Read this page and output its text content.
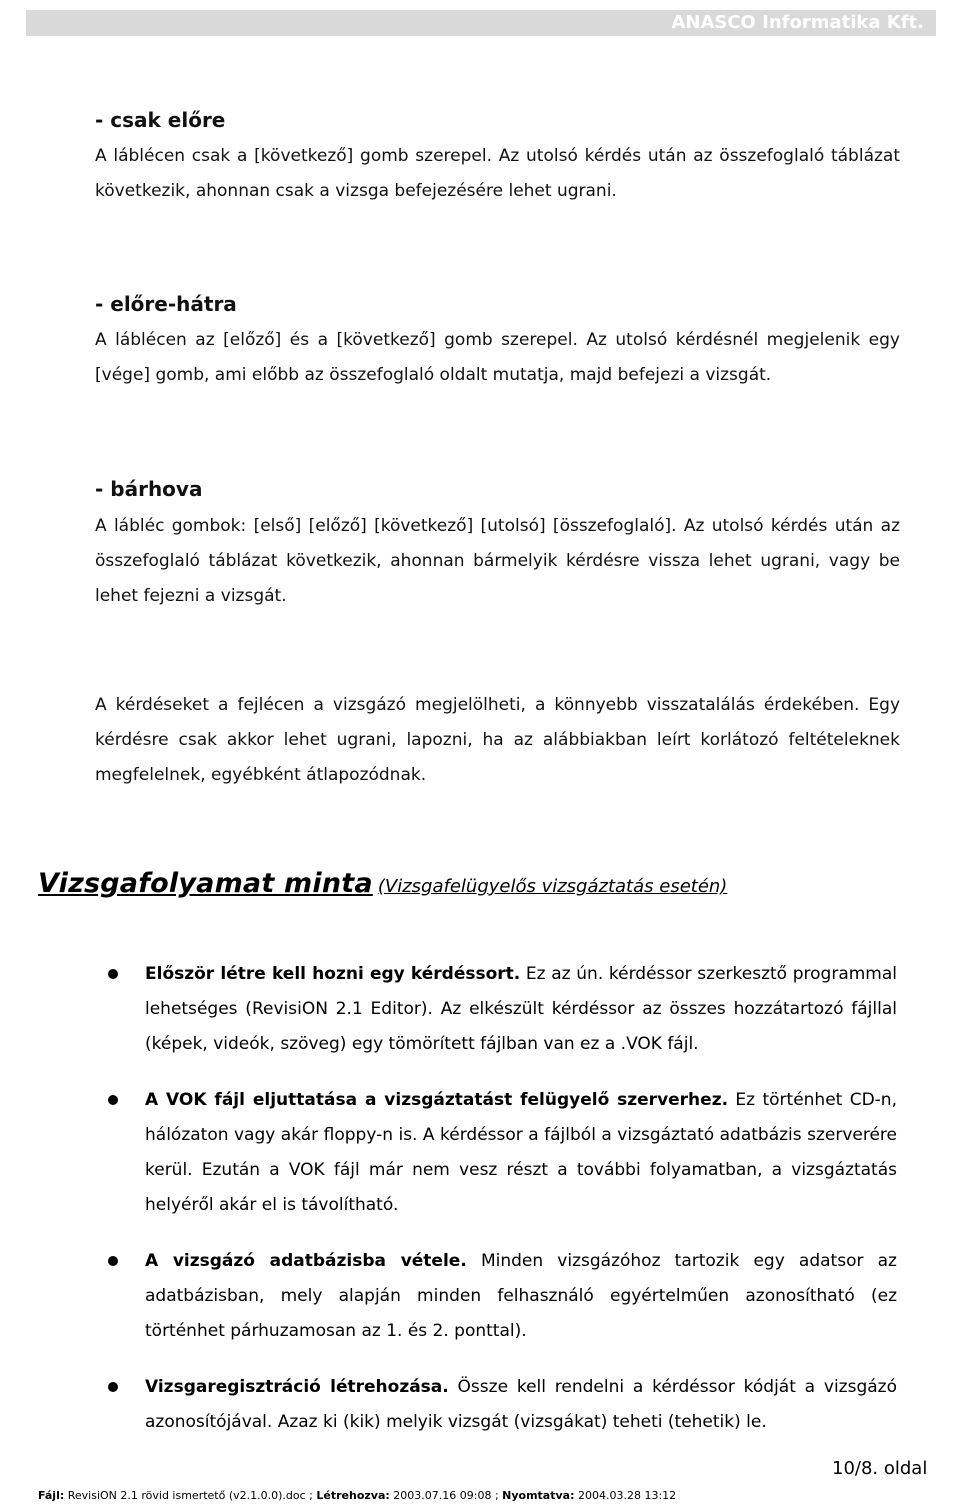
ANASCO Informatika Kft.
- csak előre

A láblécen csak a [következő] gomb szerepel. Az utolsó kérdés után az összefoglaló táblázat következik, ahonnan csak a vizsga befejezésére lehet ugrani.

- előre-hátra

A láblécen az [előző] és a [következő] gomb szerepel. Az utolsó kérdésnél megjelenik egy [vége] gomb, ami előbb az összefoglaló oldalt mutatja, majd befejezi a vizsgát.

- bárhova

A lábléc gombok: [első] [előző] [következő] [utolsó] [összefoglaló]. Az utolsó kérdés után az összefoglaló táblázat következik, ahonnan bármelyik kérdésre vissza lehet ugrani, vagy be lehet fejezni a vizsgát.

A kérdéseket a fejlécen a vizsgázó megjelölheti, a könnyebb visszatalálás érdekében. Egy kérdésre csak akkor lehet ugrani, lapozni, ha az alábbiakban leírt korlátozó feltételeknek megfelelnek, egyébként átlapozódnak.

Vizsgafolyamat minta (Vizsgafelügyelős vizsgáztatás esetén)
Először létre kell hozni egy kérdéssort. Ez az ún. kérdéssor szerkesztő programmal lehetséges (RevisiON 2.1 Editor). Az elkészült kérdéssor az összes hozzátartozó fájllal (képek, videók, szöveg) egy tömörített fájlban van ez a .VOK fájl.
A VOK fájl eljuttatása a vizsgáztatást felügyelő szerverhez. Ez történhet CD-n, hálózaton vagy akár floppy-n is. A kérdéssor a fájlból a vizsgáztató adatbázis szerverére kerül. Ezután a VOK fájl már nem vesz részt a további folyamatban, a vizsgáztatás helyéről akár el is távolítható.
A vizsgázó adatbázisba vétele. Minden vizsgázóhoz tartozik egy adatsor az adatbázisban, mely alapján minden felhasználó egyértelműen azonosítható (ez történhet párhuzamosan az 1. és 2. ponttal).
Vizsgaregisztráció létrehozása. Össze kell rendelni a kérdéssor kódját a vizsgázó azonosítójával. Azaz ki (kik) melyik vizsgát (vizsgákat) teheti (tehetik) le.
10/8. oldal
Fájl: RevisiON 2.1 rövid ismertető (v2.1.0.0).doc ; Létrehozva: 2003.07.16 09:08 ; Nyomtatva: 2004.03.28 13:12
